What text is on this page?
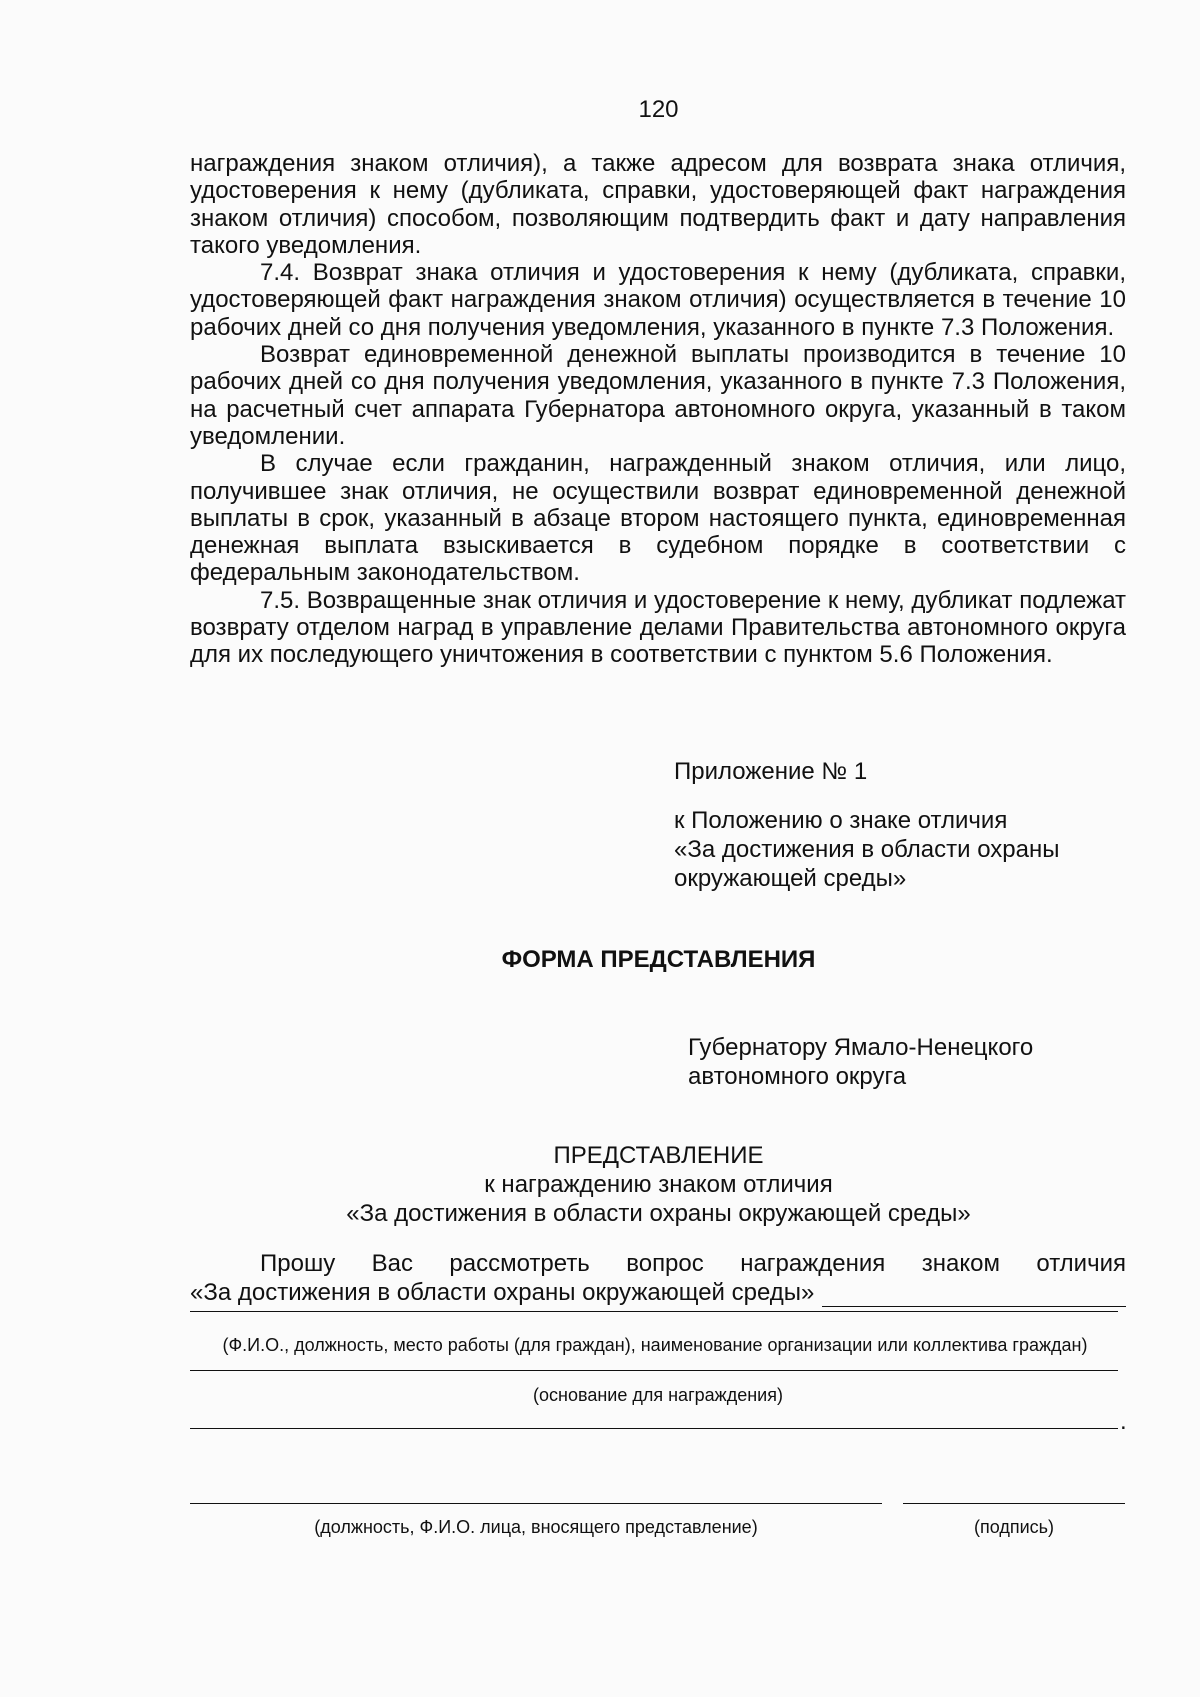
120

награждения знаком отличия), а также адресом для возврата знака отличия, удостоверения к нему (дубликата, справки, удостоверяющей факт награждения знаком отличия) способом, позволяющим подтвердить факт и дату направления такого уведомления.

7.4. Возврат знака отличия и удостоверения к нему (дубликата, справки, удостоверяющей факт награждения знаком отличия) осуществляется в течение 10 рабочих дней со дня получения уведомления, указанного в пункте 7.3 Положения.

Возврат единовременной денежной выплаты производится в течение 10 рабочих дней со дня получения уведомления, указанного в пункте 7.3 Положения, на расчетный счет аппарата Губернатора автономного округа, указанный в таком уведомлении.

В случае если гражданин, награжденный знаком отличия, или лицо, получившее знак отличия, не осуществили возврат единовременной денежной выплаты в срок, указанный в абзаце втором настоящего пункта, единовременная денежная выплата взыскивается в судебном порядке в соответствии с федеральным законодательством.

7.5. Возвращенные знак отличия и удостоверение к нему, дубликат подлежат возврату отделом наград в управление делами Правительства автономного округа для их последующего уничтожения в соответствии с пунктом 5.6 Положения.

Приложение № 1
к Положению о знаке отличия
«За достижения в области охраны
окружающей среды»
ФОРМА ПРЕДСТАВЛЕНИЯ
Губернатору Ямало-Ненецкого
автономного округа
ПРЕДСТАВЛЕНИЕ
к награждению знаком отличия
«За достижения в области охраны окружающей среды»
Прошу Вас рассмотреть вопрос награждения знаком отличия
«За достижения в области охраны окружающей среды»
(Ф.И.О., должность, место работы (для граждан), наименование организации или коллектива граждан)
(основание для награждения)
.
(должность, Ф.И.О. лица, вносящего представление)	(подпись)
